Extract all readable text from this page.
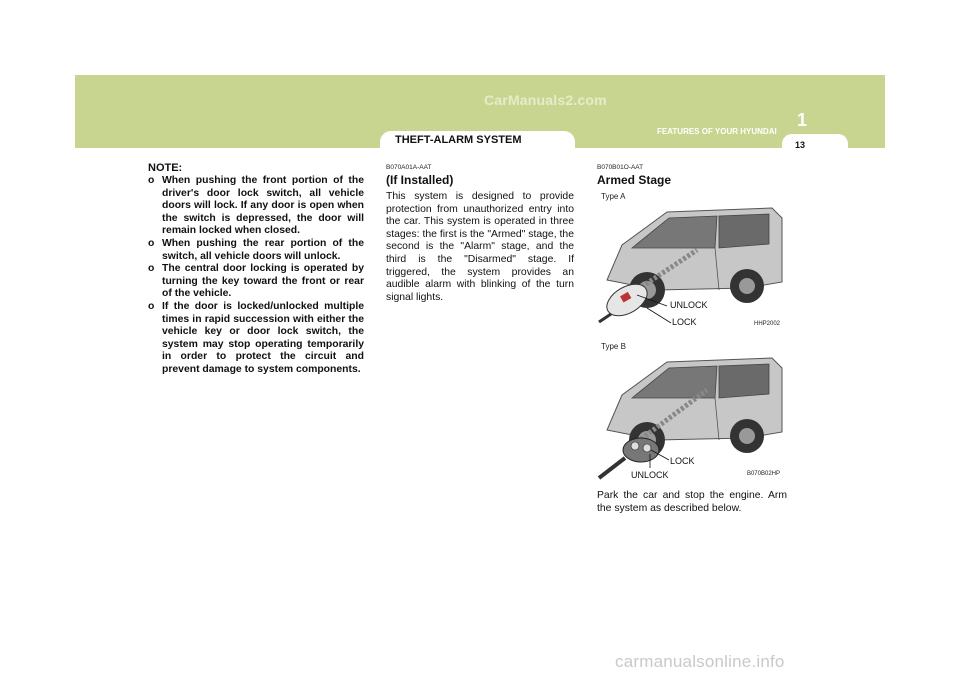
CarManuals2.com
1
FEATURES OF YOUR HYUNDAI
THEFT-ALARM SYSTEM	13

NOTE:

o When pushing the front portion of the driver's door lock switch, all vehicle doors will lock. If any door is open when the switch is depressed, the door will remain locked when closed.
o When pushing the rear portion of the switch, all vehicle doors will unlock.
o The central door locking is operated by turning the key toward the front or rear of the vehicle.
o If the door is locked/unlocked multiple times in rapid succession with either the vehicle key or door lock switch, the system may stop operating temporarily in order to protect the circuit and prevent damage to system components.

B070A01A-AAT

(If Installed)

This system is designed to provide protection from unauthorized entry into the car. This system is operated in three stages: the first is the "Armed" stage, the second is the "Alarm" stage, and the third is the "Disarmed" stage. If triggered, the system provides an audible alarm with blinking of the turn signal lights.

B070B01O-AAT

Armed Stage

Type A
UNLOCK
LOCK	HHP2002
Type B
LOCK
UNLOCK	B070B02HP

Park the car and stop the engine. Arm the system as described below.

carmanualsonline.info
